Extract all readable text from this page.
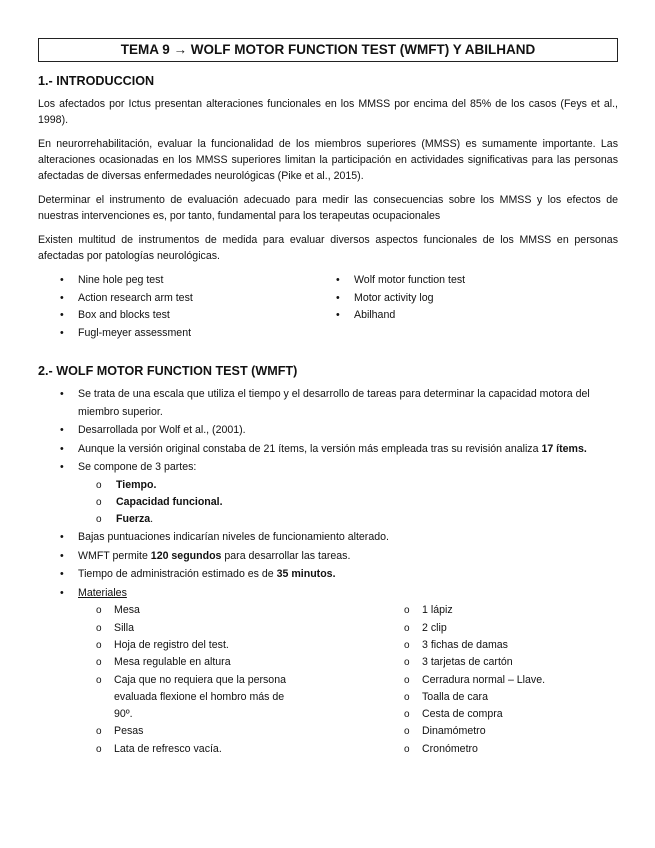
TEMA 9 → WOLF MOTOR FUNCTION TEST (WMFT) Y ABILHAND
1.- INTRODUCCION

Los afectados por Ictus presentan alteraciones funcionales en los MMSS por encima del 85% de los casos (Feys et al., 1998).

En neurorrehabilitación, evaluar la funcionalidad de los miembros superiores (MMSS) es sumamente importante. Las alteraciones ocasionadas en los MMSS superiores limitan la participación en actividades significativas para las personas afectadas de diversas enfermedades neurológicas (Pike et al., 2015).

Determinar el instrumento de evaluación adecuado para medir las consecuencias sobre los MMSS y los efectos de nuestras intervenciones es, por tanto, fundamental para los terapeutas ocupacionales

Existen multitud de instrumentos de medida para evaluar diversos aspectos funcionales de los MMSS en personas afectadas por patologías neurológicas.

• Nine hole peg test
• Action research arm test
• Box and blocks test
• Fugl-meyer assessment
• Wolf motor function test
• Motor activity log
• Abilhand
2.- WOLF MOTOR FUNCTION TEST (WMFT)
• Se trata de una escala que utiliza el tiempo y el desarrollo de tareas para determinar la capacidad motora del miembro superior.
• Desarrollada por Wolf et al., (2001).
• Aunque la versión original constaba de 21 ítems, la versión más empleada tras su revisión analiza 17 ítems.
• Se compone de 3 partes:
o Tiempo.
o Capacidad funcional.
o Fuerza.
• Bajas puntuaciones indicarían niveles de funcionamiento alterado.
• WMFT permite 120 segundos para desarrollar las tareas.
• Tiempo de administración estimado es de 35 minutos.
• Materiales
o Mesa
o Silla
o Hoja de registro del test.
o Mesa regulable en altura
o Caja que no requiera que la persona evaluada flexione el hombro más de 90º.
o Pesas
o Lata de refresco vacía.
o 1 lápiz
o 2 clip
o 3 fichas de damas
o 3 tarjetas de cartón
o Cerradura normal – Llave.
o Toalla de cara
o Cesta de compra
o Dinamómetro
o Cronómetro
